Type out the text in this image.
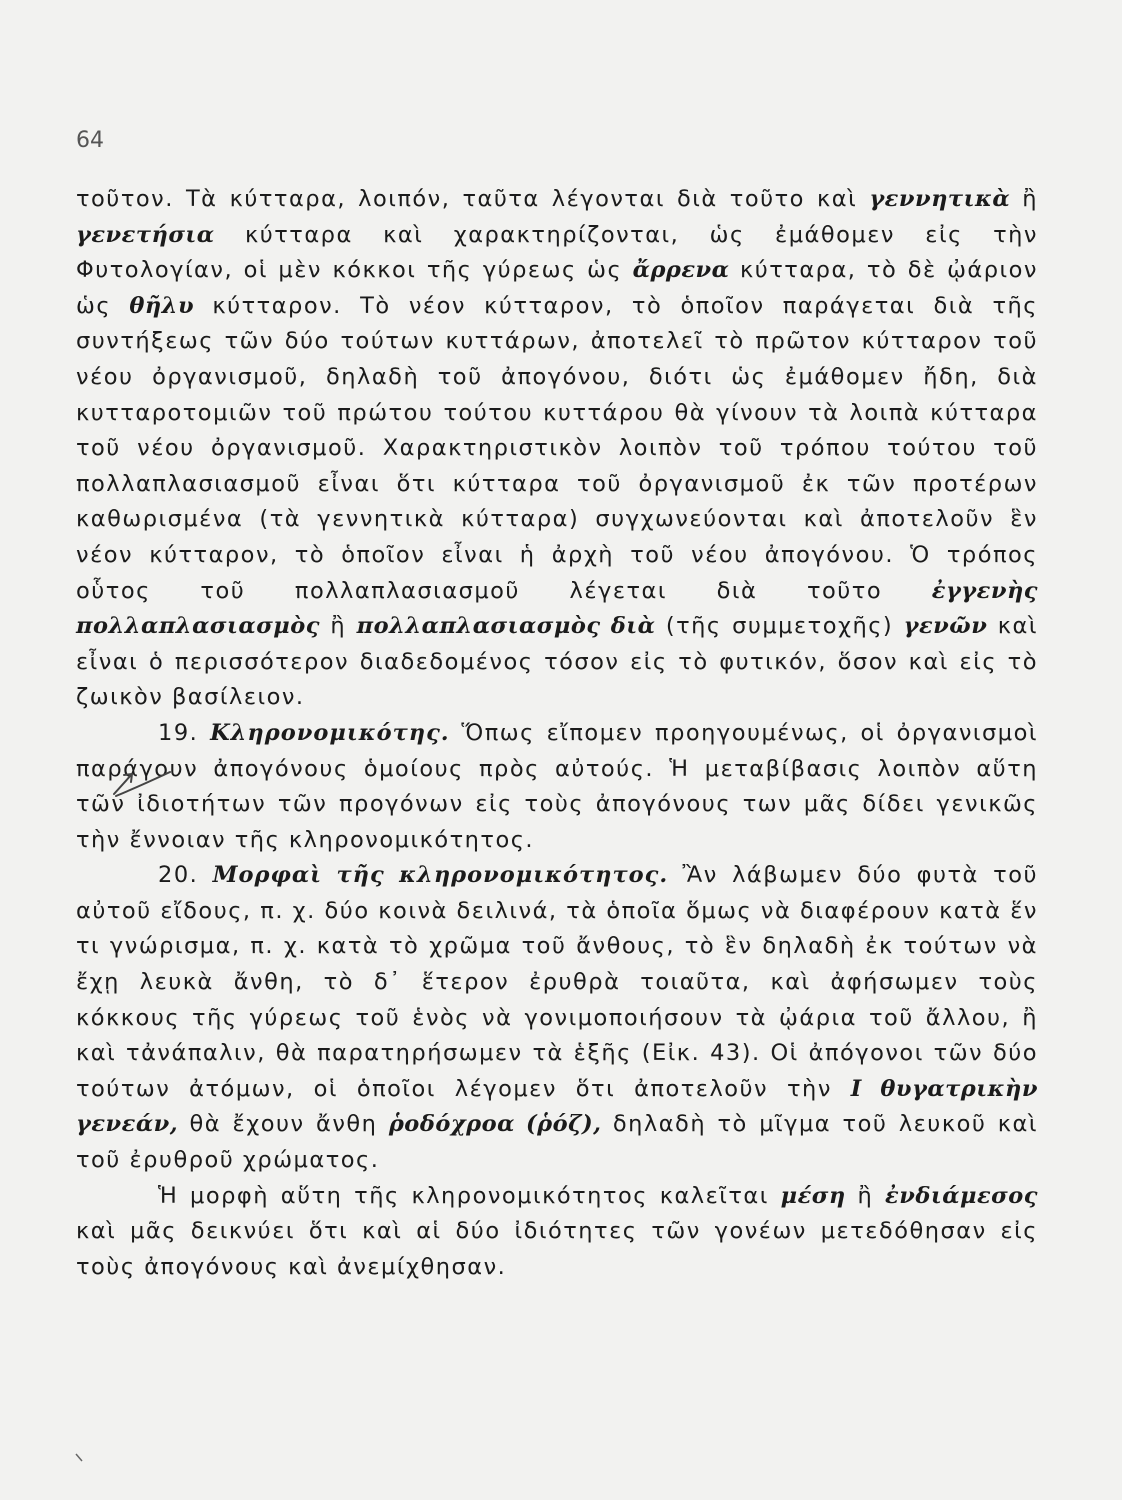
64

τοῦτον. Τὰ κύτταρα, λοιπόν, ταῦτα λέγονται διὰ τοῦτο καὶ γεννητικὰ ἢ γενετήσια κύτταρα καὶ χαρακτηρίζονται, ὡς ἐμάθομεν εἰς τὴν Φυτολογίαν, οἱ μὲν κόκκοι τῆς γύρεως ὡς ἄρρενα κύτταρα, τὸ δὲ ᾠάριον ὡς θῆλυ κύτταρον. Τὸ νέον κύτταρον, τὸ ὁποῖον παράγεται διὰ τῆς συντήξεως τῶν δύο τούτων κυττάρων, ἀποτελεῖ τὸ πρῶτον κύτταρον τοῦ νέου ὀργανισμοῦ, δηλαδὴ τοῦ ἀπογόνου, διότι ὡς ἐμάθομεν ἤδη, διὰ κυτταροτομιῶν τοῦ πρώτου τούτου κυττάρου θὰ γίνουν τὰ λοιπὰ κύτταρα τοῦ νέου ὀργανισμοῦ. Χαρακτηριστικὸν λοιπὸν τοῦ τρόπου τούτου τοῦ πολλαπλασιασμοῦ εἶναι ὅτι κύτταρα τοῦ ὀργανισμοῦ ἐκ τῶν προτέρων καθωρισμένα (τὰ γεννητικὰ κύτταρα) συγχωνεύονται καὶ ἀποτελοῦν ἓν νέον κύτταρον, τὸ ὁποῖον εἶναι ἡ ἀρχὴ τοῦ νέου ἀπογόνου. Ὁ τρόπος οὗτος τοῦ πολλαπλασιασμοῦ λέγεται διὰ τοῦτο ἐγγενὴς πολλαπλασιασμὸς ἢ πολλαπλασιασμὸς διὰ (τῆς συμμετοχῆς) γενῶν καὶ εἶναι ὁ περισσότερον διαδεδομένος τόσον εἰς τὸ φυτικόν, ὅσον καὶ εἰς τὸ ζωικὸν βασίλειον.

19. Κληρονομικότης. Ὅπως εἴπομεν προηγουμένως, οἱ ὀργανισμοὶ παράγουν ἀπογόνους ὁμοίους πρὸς αὐτούς. Ἡ μεταβίβασις λοιπὸν αὕτη τῶν ἰδιοτήτων τῶν προγόνων εἰς τοὺς ἀπογόνους των μᾶς δίδει γενικῶς τὴν ἔννοιαν τῆς κληρονομικότητος.

20. Μορφαὶ τῆς κληρονομικότητος. Ἂν λάβωμεν δύο φυτὰ τοῦ αὐτοῦ εἴδους, π. χ. δύο κοινὰ δειλινά, τὰ ὁποῖα ὅμως νὰ διαφέρουν κατὰ ἕν τι γνώρισμα, π. χ. κατὰ τὸ χρῶμα τοῦ ἄνθους, τὸ ἓν δηλαδὴ ἐκ τούτων νὰ ἔχῃ λευκὰ ἄνθη, τὸ δ᾽ ἕτερον ἐρυθρὰ τοιαῦτα, καὶ ἀφήσωμεν τοὺς κόκκους τῆς γύρεως τοῦ ἑνὸς νὰ γονιμοποιήσουν τὰ ᾠάρια τοῦ ἄλλου, ἢ καὶ τἀνάπαλιν, θὰ παρατηρήσωμεν τὰ ἑξῆς (Εἰκ. 43). Οἱ ἀπόγονοι τῶν δύο τούτων ἀτόμων, οἱ ὁποῖοι λέγομεν ὅτι ἀποτελοῦν τὴν I θυγατρικὴν γενεάν, θὰ ἔχουν ἄνθη ῥοδόχροα (ῥόζ), δηλαδὴ τὸ μῖγμα τοῦ λευκοῦ καὶ τοῦ ἐρυθροῦ χρώματος.

Ἡ μορφὴ αὕτη τῆς κληρονομικότητος καλεῖται μέση ἢ ἐνδιάμεσος καὶ μᾶς δεικνύει ὅτι καὶ αἱ δύο ἰδιότητες τῶν γονέων μετεδόθησαν εἰς τοὺς ἀπογόνους καὶ ἀνεμίχθησαν.
